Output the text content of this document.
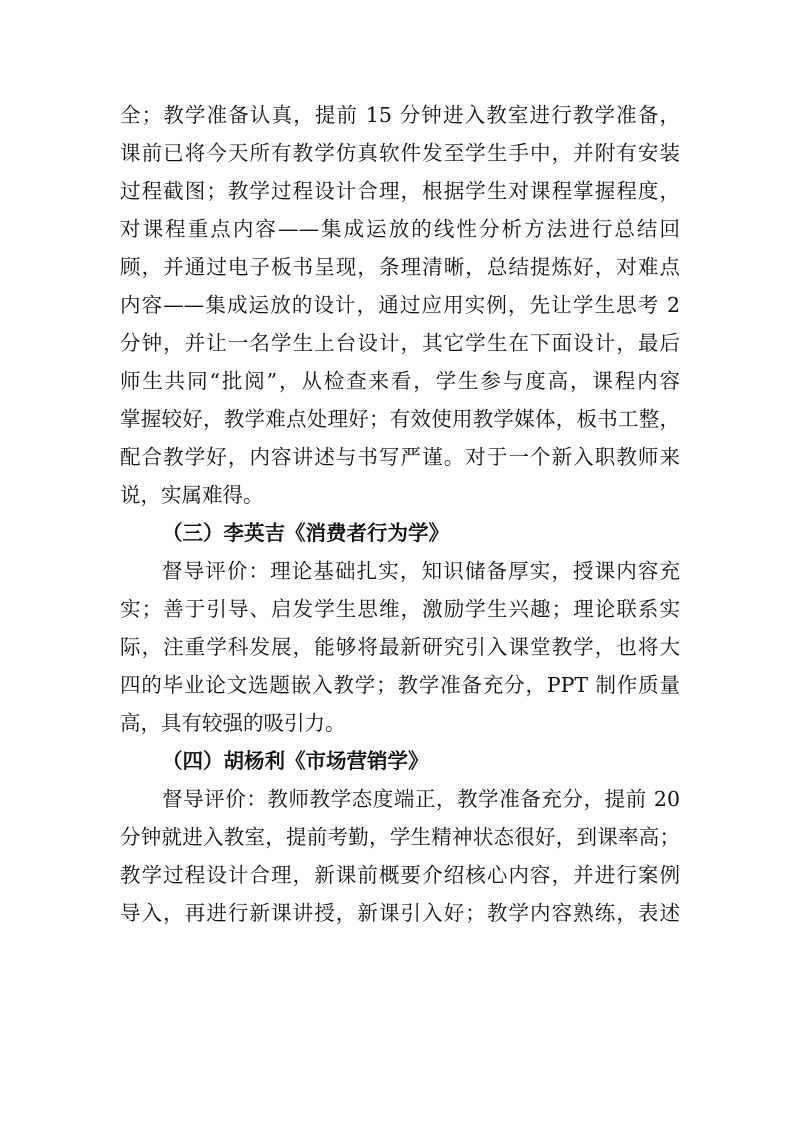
全；教学准备认真，提前 15 分钟进入教室进行教学准备，
课前已将今天所有教学仿真软件发至学生手中，并附有安装
过程截图；教学过程设计合理，根据学生对课程掌握程度，
对课程重点内容——集成运放的线性分析方法进行总结回
顾，并通过电子板书呈现，条理清晰，总结提炼好，对难点
内容——集成运放的设计，通过应用实例，先让学生思考 2
分钟，并让一名学生上台设计，其它学生在下面设计，最后
师生共同“批阅”，从检查来看，学生参与度高，课程内容
掌握较好，教学难点处理好；有效使用教学媒体，板书工整，
配合教学好，内容讲述与书写严谨。对于一个新入职教师来
说，实属难得。
（三）李英吉《消费者行为学》
督导评价：理论基础扎实，知识储备厚实，授课内容充
实；善于引导、启发学生思维，激励学生兴趣；理论联系实
际，注重学科发展，能够将最新研究引入课堂教学，也将大
四的毕业论文选题嵌入教学；教学准备充分，PPT 制作质量
高，具有较强的吸引力。
（四）胡杨利《市场营销学》
督导评价：教师教学态度端正，教学准备充分，提前 20
分钟就进入教室，提前考勤，学生精神状态很好，到课率高；
教学过程设计合理，新课前概要介绍核心内容，并进行案例
导入，再进行新课讲授，新课引入好；教学内容熟练，表述
